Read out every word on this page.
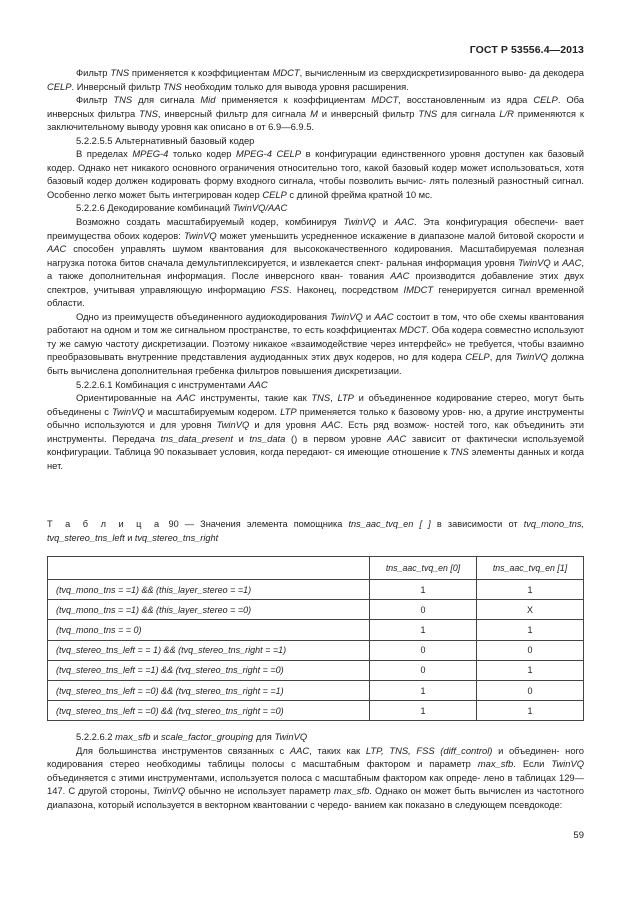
ГОСТ Р 53556.4—2013

Фильтр TNS применяется к коэффициентам MDCT, вычисленным из сверхдискретизированного выво- да декодера CELP. Инверсный фильтр TNS необходим только для вывода уровня расширения.

Фильтр TNS для сигнала Mid применяется к коэффициентам MDCT, восстановленным из ядра CELP. Оба инверсных фильтра TNS, инверсный фильтр для сигнала M и инверсный фильтр TNS для сигнала L/R применяются к заключительному выводу уровня как описано в от 6.9—6.9.5.

5.2.2.5.5 Альтернативный базовый кодер

В пределах MPEG-4 только кодер MPEG-4 CELP в конфигурации единственного уровня доступен как базовый кодер. Однако нет никакого основного ограничения относительно того, какой базовый кодер может использоваться, хотя базовый кодер должен кодировать форму входного сигнала, чтобы позволить вычис- лять полезный разностный сигнал. Особенно легко может быть интегрирован кодер CELP с длиной фрейма кратной 10 мс.

5.2.2.6 Декодирование комбинаций TwinVQ/AAC

Возможно создать масштабируемый кодер, комбинируя TwinVQ и AAC. Эта конфигурация обеспечи- вает преимущества обоих кодеров: TwinVQ может уменьшить усредненное искажение в диапазоне малой битовой скорости и AAC способен управлять шумом квантования для высококачественного кодирования. Масштабируемая полезная нагрузка потока битов сначала демультиплексируется, и извлекается спект- ральная информация уровня TwinVQ и AAC, а также дополнительная информация. После инверсного кван- тования AAC производится добавление этих двух спектров, учитывая управляющую информацию FSS. Наконец, посредством IMDCT генерируется сигнал временной области.

Одно из преимуществ объединенного аудиокодирования TwinVQ и AAC состоит в том, что обе схемы квантования работают на одном и том же сигнальном пространстве, то есть коэффициентах MDCT. Оба кодера совместно используют ту же самую частоту дискретизации. Поэтому никакое «взаимодействие через интерфейс» не требуется, чтобы взаимно преобразовывать внутренние представления аудиоданных этих двух кодеров, но для кодера CELP, для TwinVQ должна быть вычислена дополнительная гребенка фильтров повышения дискретизации.

5.2.2.6.1 Комбинация с инструментами AAC

Ориентированные на AAC инструменты, такие как TNS, LTP и объединенное кодирование стерео, могут быть объединены с TwinVQ и масштабируемым кодером. LTP применяется только к базовому уров- ню, а другие инструменты обычно используются и для уровня TwinVQ и для уровня AAC. Есть ряд возмож- ностей того, как объединить эти инструменты. Передача tns_data_present и tns_data () в первом уровне AAC зависит от фактически используемой конфигурации. Таблица 90 показывает условия, когда передают- ся имеющие отношение к TNS элементы данных и когда нет.

Т а б л и ц а 90 — Значения элемента помощника tns_aac_tvq_en [ ] в зависимости от tvq_mono_tns, tvq_stereo_tns_left и tvq_stereo_tns_right
	tns_aac_tvq_en [0]	tns_aac_tvq_en [1]
(tvq_mono_tns = =1) && (this_layer_stereo = =1)	1	1
(tvq_mono_tns = =1) && (this_layer_stereo = =0)	0	X
(tvq_mono_tns = = 0)	1	1
(tvq_stereo_tns_left = = 1) && (tvq_stereo_tns_right = =1)	0	0
(tvq_stereo_tns_left = =1) && (tvq_stereo_tns_right = =0)	0	1
(tvq_stereo_tns_left = =0) && (tvq_stereo_tns_right = =1)	1	0
(tvq_stereo_tns_left = =0) && (tvq_stereo_tns_right = =0)	1	1

5.2.2.6.2 max_sfb и scale_factor_grouping для TwinVQ

Для большинства инструментов связанных с AAC, таких как LTP, TNS, FSS (diff_control) и объединен- ного кодирования стерео необходимы таблицы полосы с масштабным фактором и параметр max_sfb. Если TwinVQ объединяется с этими инструментами, используется полоса с масштабным фактором как опреде- лено в таблицах 129—147. С другой стороны, TwinVQ обычно не использует параметр max_sfb. Однако он может быть вычислен из частотного диапазона, который используется в векторном квантовании с чередо- ванием как показано в следующем псевдокоде:

59
